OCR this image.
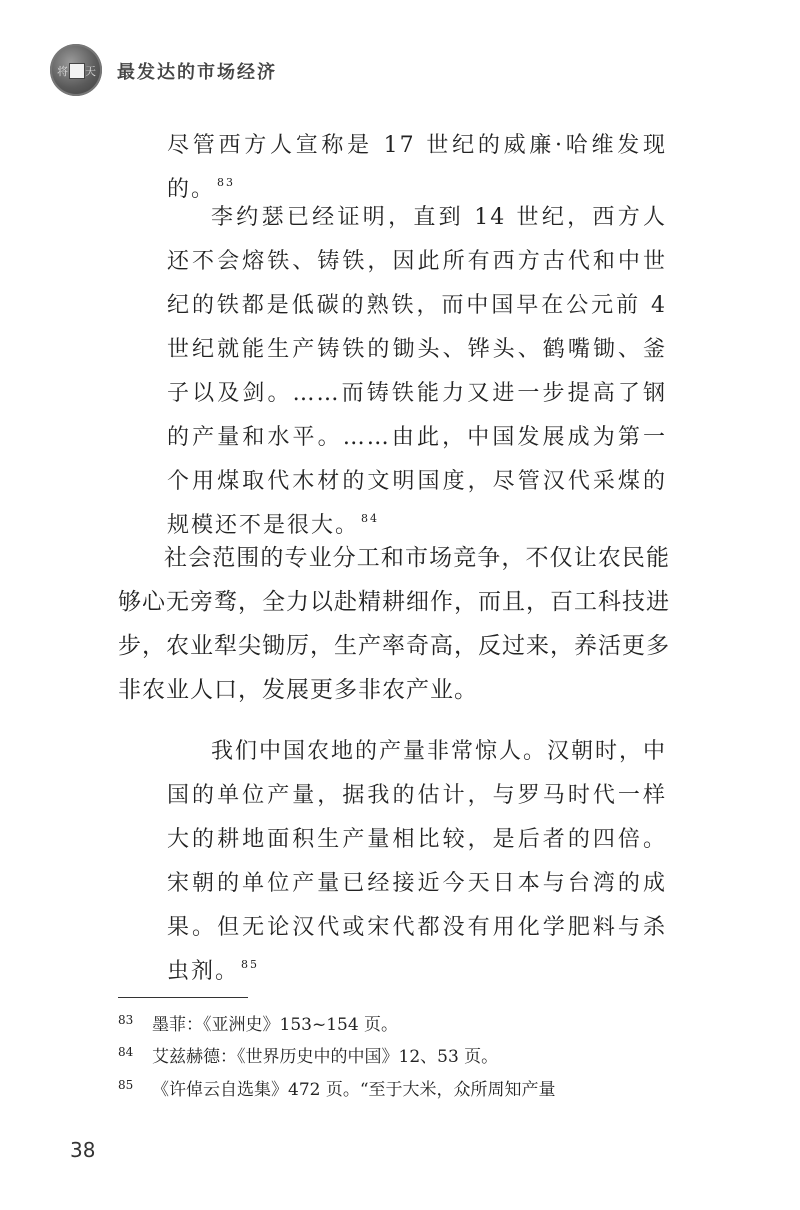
将 天 最发达的市场经济

尽管西方人宣称是 17 世纪的威廉·哈维发现的。 $^{83}$

李约瑟已经证明，直到 14 世纪，西方人还不会熔铁、铸铁，因此所有西方古代和中世纪的铁都是低碳的熟铁，而中国早在公元前 4 世纪就能生产铸铁的锄头、铧头、鹤嘴锄、釜子以及剑。……而铸铁能力又进一步提高了钢的产量和水平。……由此，中国发展成为第一个用煤取代木材的文明国度，尽管汉代采煤的规模还不是很大。 $^{84}$

社会范围的专业分工和市场竞争，不仅让农民能够心无旁骛，全力以赴精耕细作，而且，百工科技进步，农业犁尖锄厉，生产率奇高，反过来，养活更多非农业人口，发展更多非农产业。

我们中国农地的产量非常惊人。汉朝时，中国的单位产量，据我的估计，与罗马时代一样大的耕地面积生产量相比较，是后者的四倍。宋朝的单位产量已经接近今天日本与台湾的成果。但无论汉代或宋代都没有用化学肥料与杀虫剂。 $^{85}$

83 墨菲：《亚洲史》153~154 页。
84 艾兹赫德：《世界历史中的中国》12、53 页。
85 《许倬云自选集》472 页。“至于大米，众所周知产量
38
